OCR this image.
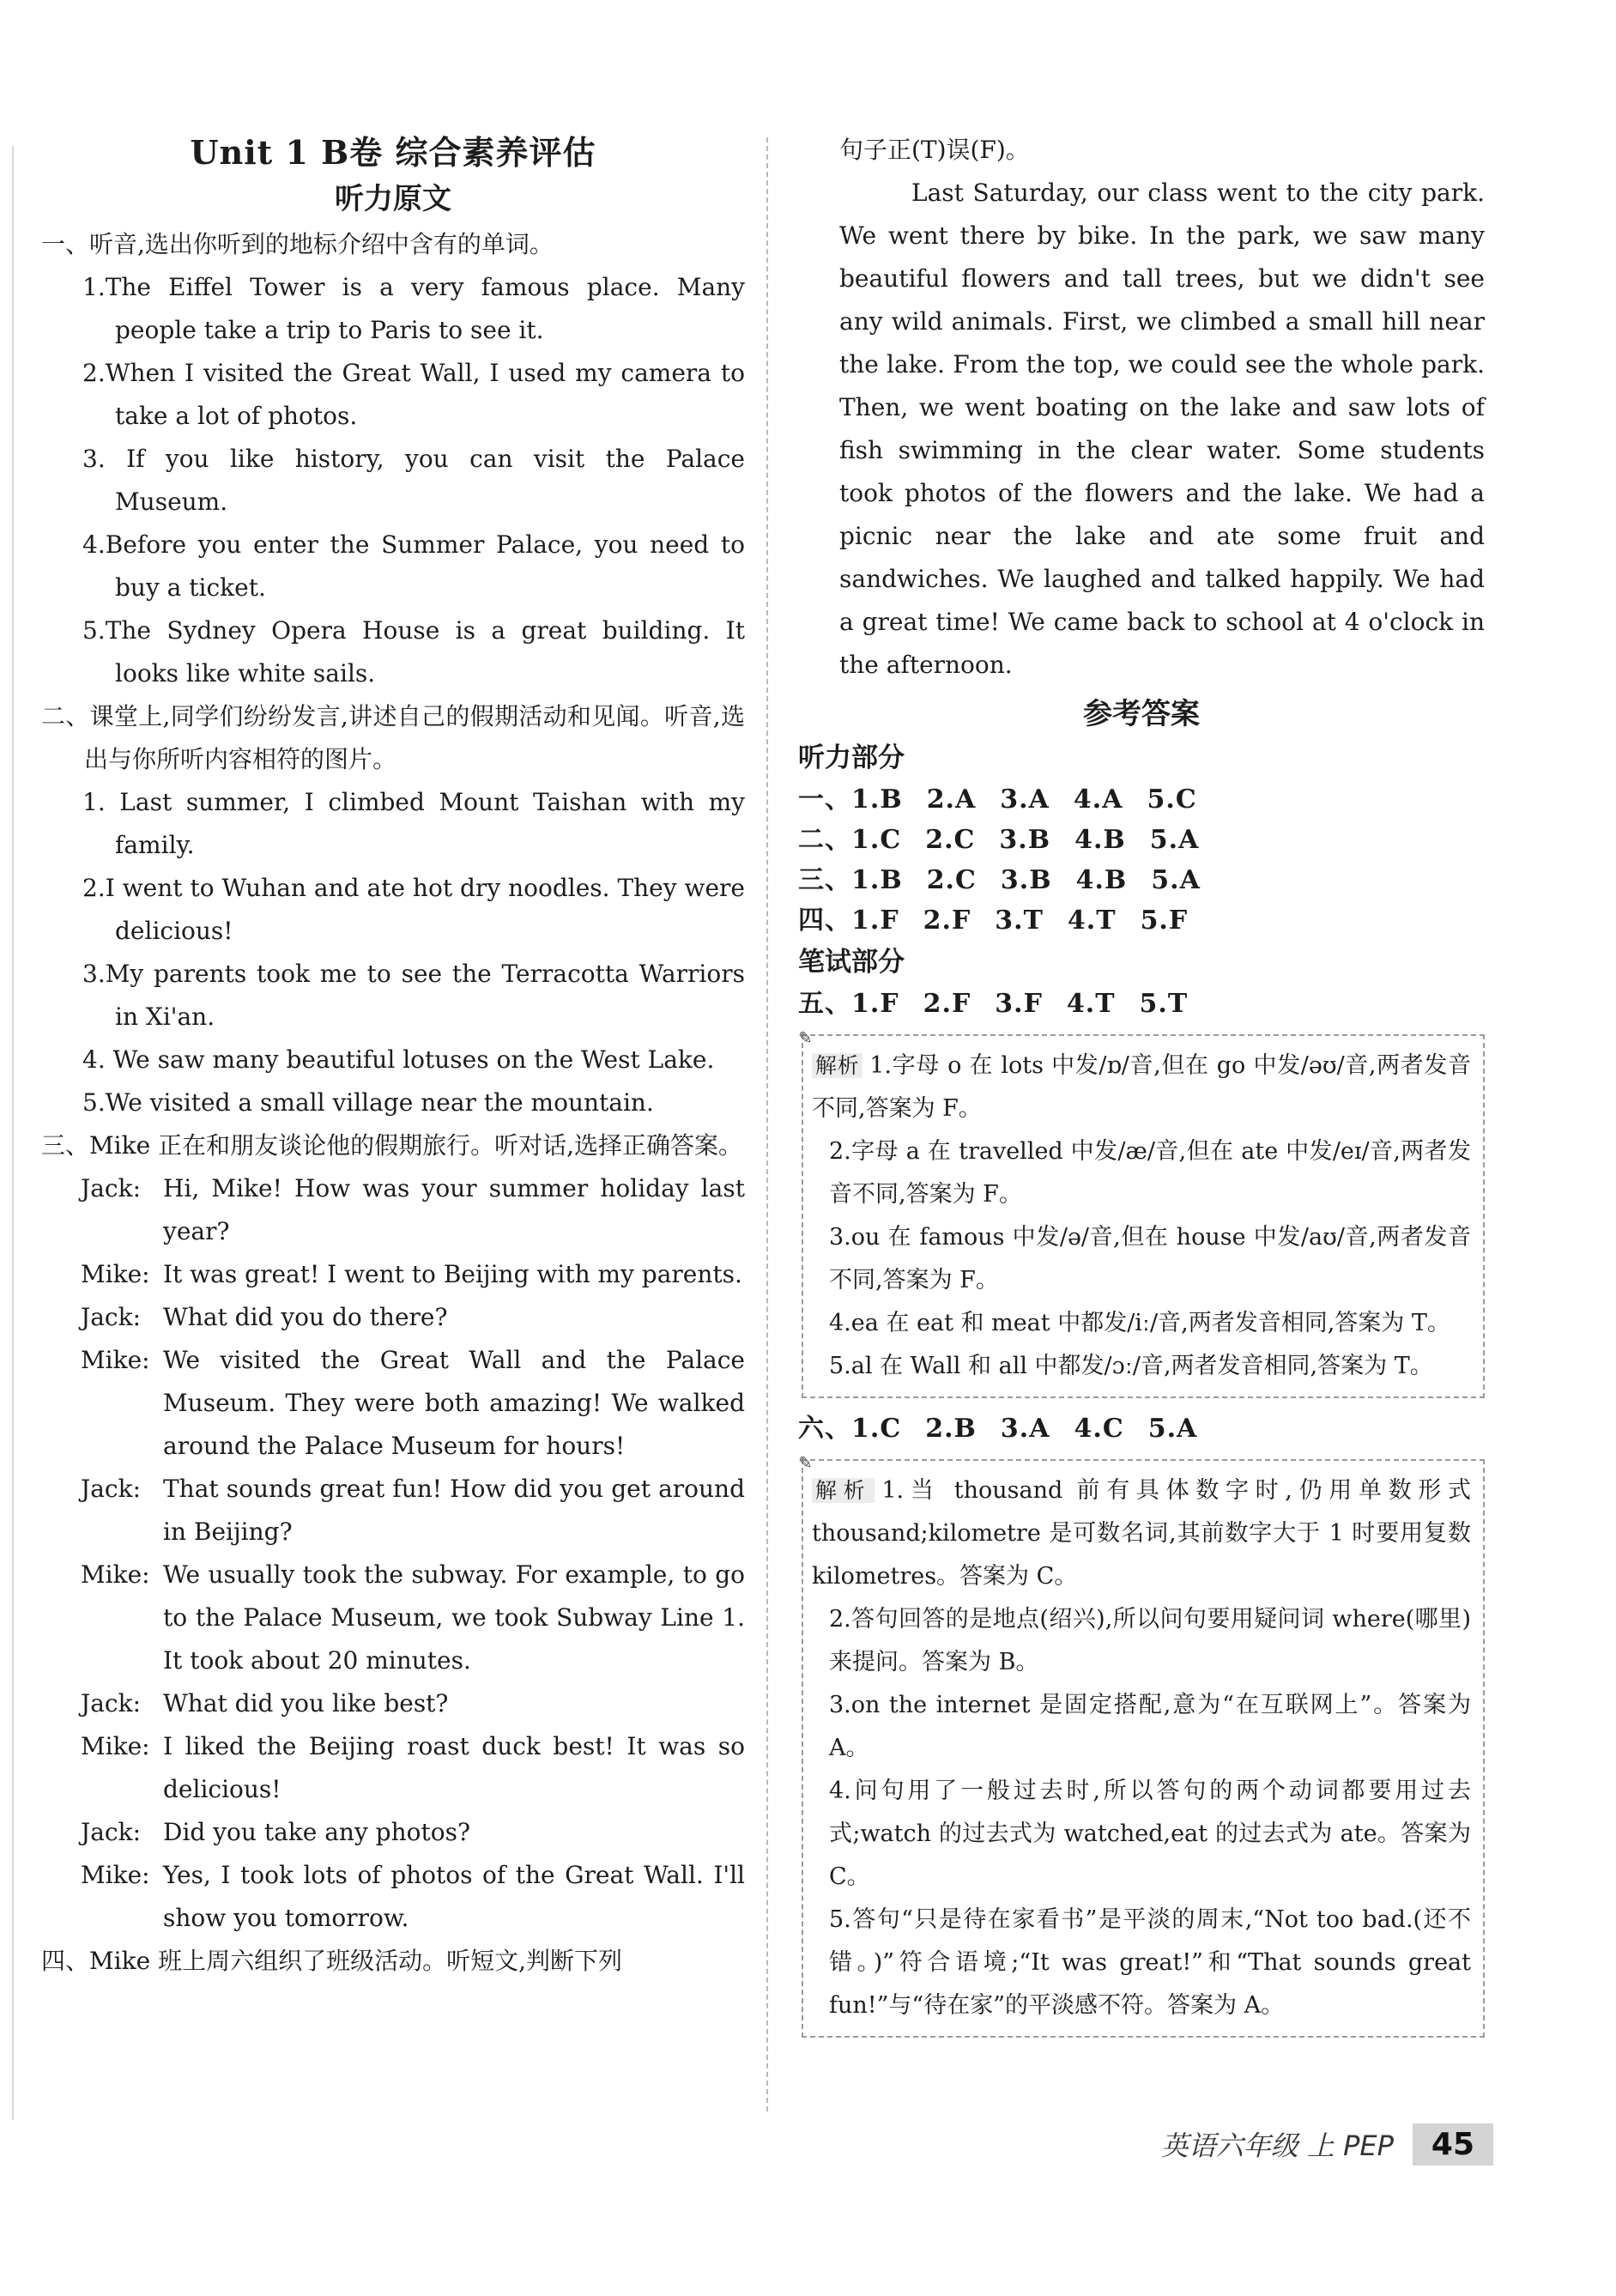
Unit 1 B卷 综合素养评估
听力原文

一、听音,选出你听到的地标介绍中含有的单词。

1.The Eiffel Tower is a very famous place. Many people take a trip to Paris to see it.

2.When I visited the Great Wall, I used my camera to take a lot of photos.

3. If you like history, you can visit the Palace Museum.

4.Before you enter the Summer Palace, you need to buy a ticket.

5.The Sydney Opera House is a great building. It looks like white sails.

二、课堂上,同学们纷纷发言,讲述自己的假期活动和见闻。听音,选出与你所听内容相符的图片。

1. Last summer, I climbed Mount Taishan with my family.

2.I went to Wuhan and ate hot dry noodles. They were delicious!

3.My parents took me to see the Terracotta Warriors in Xi'an.

4. We saw many beautiful lotuses on the West Lake.

5.We visited a small village near the mountain.

三、Mike 正在和朋友谈论他的假期旅行。听对话,选择正确答案。

Jack: Hi, Mike! How was your summer holiday last year?
Mike: It was great! I went to Beijing with my parents.
Jack: What did you do there?
Mike: We visited the Great Wall and the Palace Museum. They were both amazing! We walked around the Palace Museum for hours!
Jack: That sounds great fun! How did you get around in Beijing?
Mike: We usually took the subway. For example, to go to the Palace Museum, we took Subway Line 1. It took about 20 minutes.
Jack: What did you like best?
Mike: I liked the Beijing roast duck best! It was so delicious!
Jack: Did you take any photos?
Mike: Yes, I took lots of photos of the Great Wall. I'll show you tomorrow.

四、Mike 班上周六组织了班级活动。听短文,判断下列

句子正(T)误(F)。

Last Saturday, our class went to the city park. We went there by bike. In the park, we saw many beautiful flowers and tall trees, but we didn't see any wild animals. First, we climbed a small hill near the lake. From the top, we could see the whole park. Then, we went boating on the lake and saw lots of fish swimming in the clear water. Some students took photos of the flowers and the lake. We had a picnic near the lake and ate some fruit and sandwiches. We laughed and talked happily. We had a great time! We came back to school at 4 o'clock in the afternoon.

参考答案

听力部分

一、1.B 2.A 3.A 4.A 5.C

二、1.C 2.C 3.B 4.B 5.A

三、1.B 2.C 3.B 4.B 5.A

四、1.F 2.F 3.T 4.T 5.F

笔试部分

五、1.F 2.F 3.F 4.T 5.T

✎

解析 1.字母 o 在 lots 中发/ɒ/音,但在 go 中发/əʊ/音,两者发音不同,答案为 F。

2.字母 a 在 travelled 中发/æ/音,但在 ate 中发/eɪ/音,两者发音不同,答案为 F。

3.ou 在 famous 中发/ə/音,但在 house 中发/aʊ/音,两者发音不同,答案为 F。

4.ea 在 eat 和 meat 中都发/iː/音,两者发音相同,答案为 T。

5.al 在 Wall 和 all 中都发/ɔː/音,两者发音相同,答案为 T。

六、1.C 2.B 3.A 4.C 5.A

✎

解析 1.当 thousand 前有具体数字时,仍用单数形式 thousand;kilometre 是可数名词,其前数字大于 1 时要用复数 kilometres。答案为 C。

2.答句回答的是地点(绍兴),所以问句要用疑问词 where(哪里)来提问。答案为 B。

3.on the internet 是固定搭配,意为“在互联网上”。答案为 A。

4.问句用了一般过去时,所以答句的两个动词都要用过去式;watch 的过去式为 watched,eat 的过去式为 ate。答案为 C。

5.答句“只是待在家看书”是平淡的周末,“Not too bad.(还不错。)”符合语境;“It was great!”和“That sounds great fun!”与“待在家”的平淡感不符。答案为 A。

英语六年级 上 PEP	45
